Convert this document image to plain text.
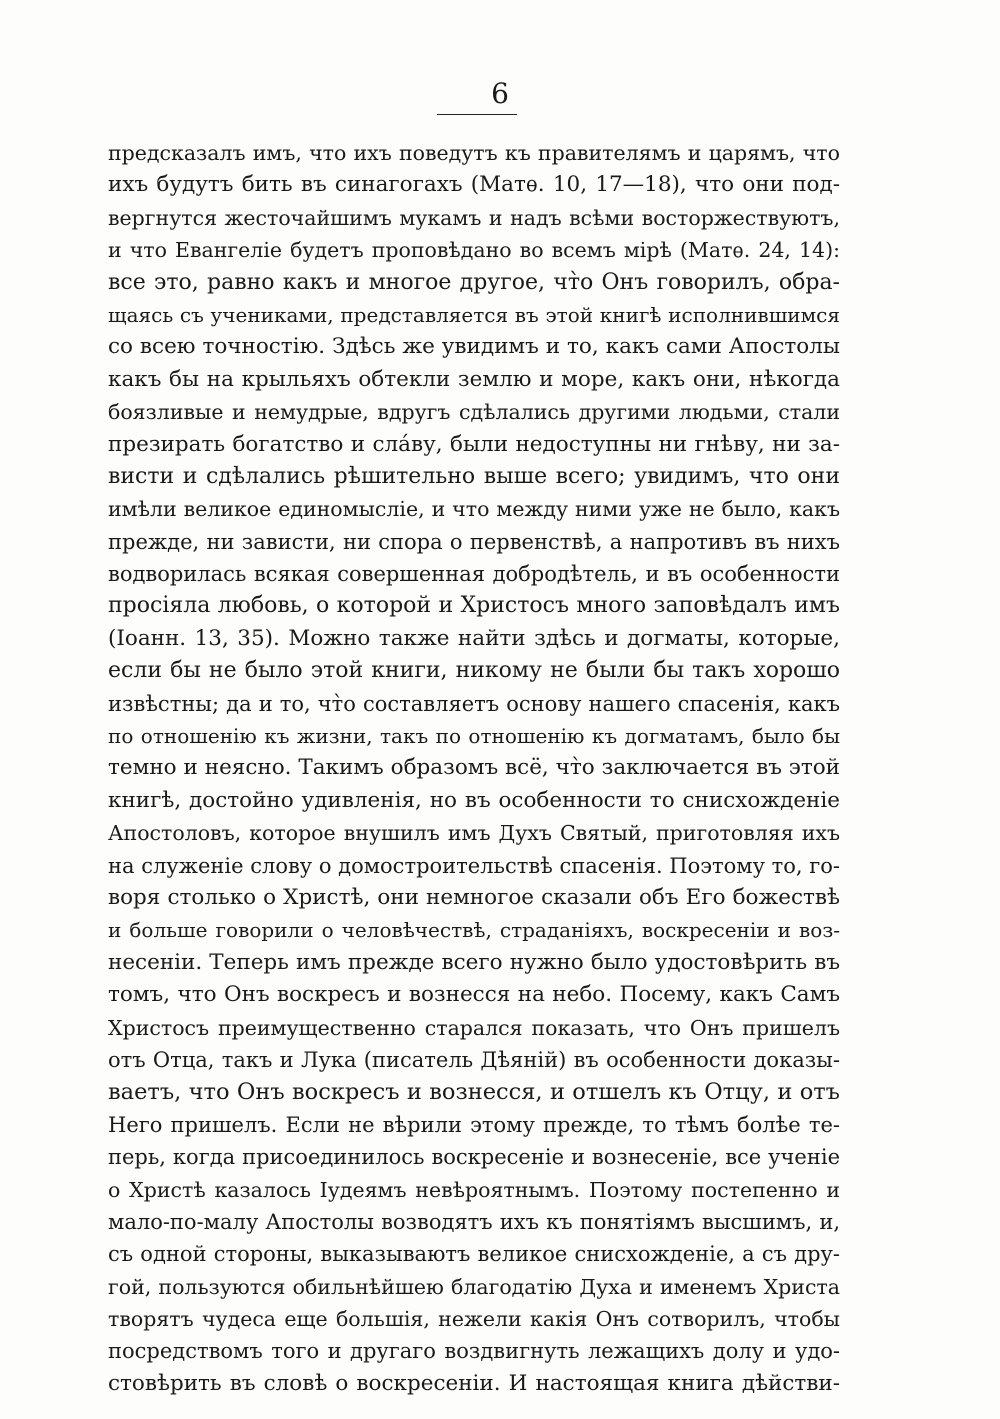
6
предсказалъ имъ, что ихъ поведутъ къ правителямъ и царямъ, что
ихъ будутъ бить въ синагогахъ (Матѳ. 10, 17—18), что они под-
вергнутся жесточайшимъ мукамъ и надъ всѣми восторжествуютъ,
и что Евангеліе будетъ проповѣдано во всемъ мірѣ (Матѳ. 24, 14):
все это, равно какъ и многое другое, чт̀о Онъ говорилъ, обра-
щаясь съ учениками, представляется въ этой книгѣ исполнившимся
со всею точностію. Здѣсь же увидимъ и то, какъ сами Апостолы
какъ бы на крыльяхъ обтекли землю и море, какъ они, нѣкогда
боязливые и немудрые, вдругъ сдѣлались другими людьми, стали
презирать богатство и слáву, были недоступны ни гнѣву, ни за-
висти и сдѣлались рѣшительно выше всего; увидимъ, что они
имѣли великое единомысліе, и что между ними уже не было, какъ
прежде, ни зависти, ни спора о первенствѣ, а напротивъ въ нихъ
водворилась всякая совершенная добродѣтель, и въ особенности
просіяла любовь, о которой и Христосъ много заповѣдалъ имъ
(Іоанн. 13, 35). Можно также найти здѣсь и догматы, которые,
если бы не было этой книги, никому не были бы такъ хорошо
извѣстны; да и то, чт̀о составляетъ основу нашего спасенія, какъ
по отношенію къ жизни, такъ по отношенію къ догматамъ, было бы
темно и неясно. Такимъ образомъ всё, чт̀о заключается въ этой
книгѣ, достойно удивленія, но въ особенности то снисхожденіе
Апостоловъ, которое внушилъ имъ Духъ Святый, приготовляя ихъ
на служеніе слову о домостроительствѣ спасенія. Поэтому то, го-
воря столько о Христѣ, они немногое сказали объ Его божествѣ
и больше говорили о человѣчествѣ, страданіяхъ, воскресеніи и воз-
несеніи. Теперь имъ прежде всего нужно было удостовѣрить въ
томъ, что Онъ воскресъ и вознесся на небо. Посему, какъ Самъ
Христосъ преимущественно старался показать, что Онъ пришелъ
отъ Отца, такъ и Лука (писатель Дѣяній) въ особенности доказы-
ваетъ, что Онъ воскресъ и вознесся, и отшелъ къ Отцу, и отъ
Него пришелъ. Если не вѣрили этому прежде, то тѣмъ болѣе те-
перь, когда присоединилось воскресеніе и вознесеніе, все ученіе
о Христѣ казалось Іудеямъ невѣроятнымъ. Поэтому постепенно и
мало-по-малу Апостолы возводятъ ихъ къ понятіямъ высшимъ, и,
съ одной стороны, выказываютъ великое снисхожденіе, а съ дру-
гой, пользуются обильнѣйшею благодатію Духа и именемъ Христа
творятъ чудеса еще большія, нежели какія Онъ сотворилъ, чтобы
посредствомъ того и другаго воздвигнуть лежащихъ долу и удо-
стовѣрить въ словѣ о воскресеніи. И настоящая книга дѣйстви-
